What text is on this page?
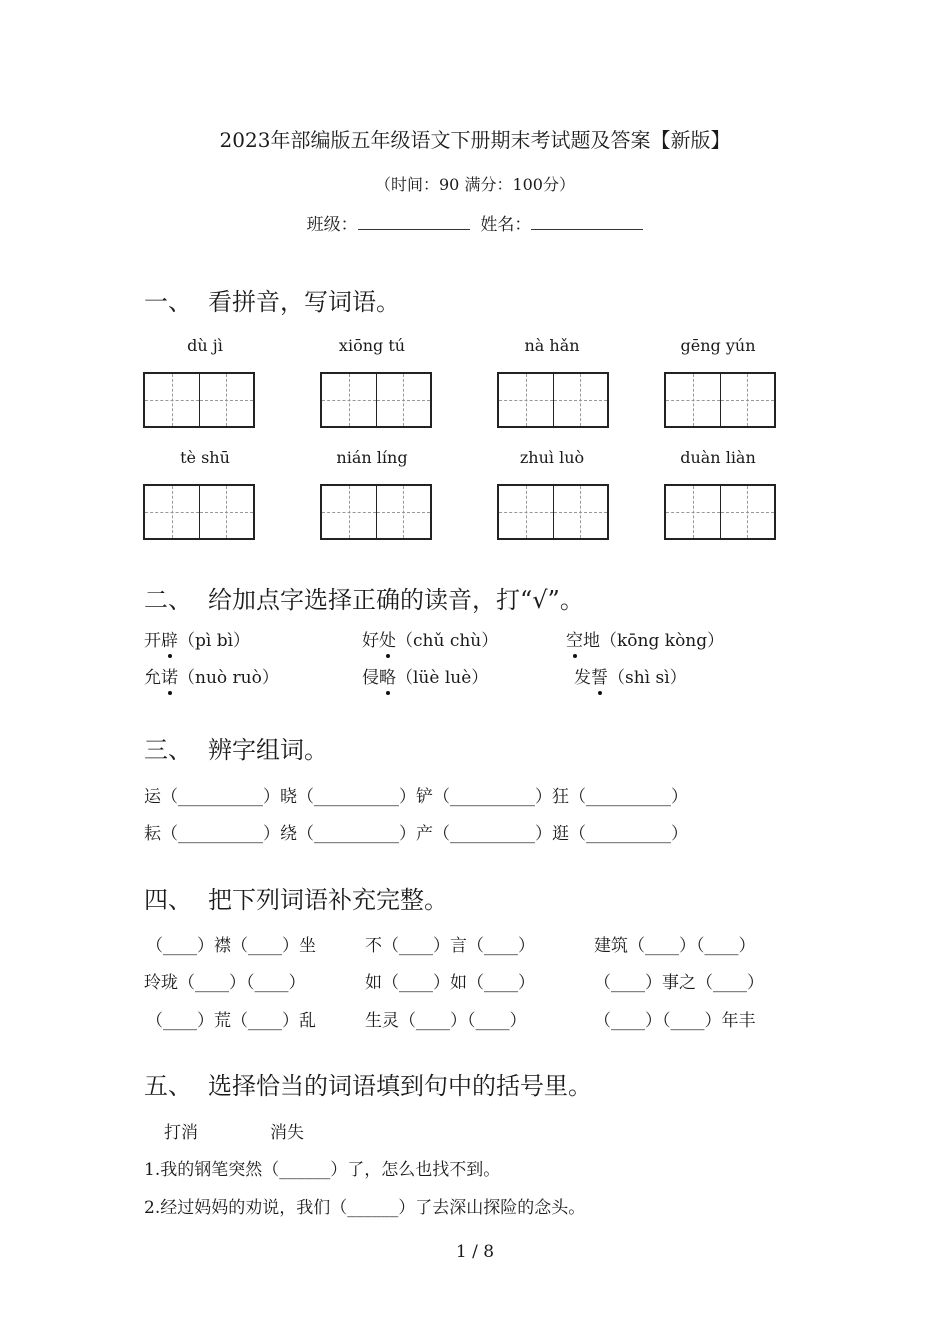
2023年部编版五年级语文下册期末考试题及答案【新版】
（时间：90 满分：100分）
班级：	姓名：
一、 看拼音，写词语。
dù jì	xiōng tú	nà hǎn	gēng yún
tè shū	nián líng	zhuì luò	duàn liàn
二、 给加点字选择正确的读音，打“√”。
开辟（pì bì）	好处（chǔ chù）	空地（kōng kòng）
允诺（nuò ruò）	侵略（lüè luè）	发誓（shì sì）
三、 辨字组词。
运（__________）晓（__________）铲（__________）狂（__________）
耘（__________）绕（__________）产（__________）逛（__________）
四、 把下列词语补充完整。
（____）襟（____）坐	不（____）言（____）	建筑（____）（____）
玲珑（____）（____）	如（____）如（____）	（____）事之（____）
（____）荒（____）乱	生灵（____）（____）	（____）（____）年丰
五、 选择恰当的词语填到句中的括号里。
打消	消失
1.我的钢笔突然（______）了，怎么也找不到。
2.经过妈妈的劝说，我们（______）了去深山探险的念头。
1 / 8
